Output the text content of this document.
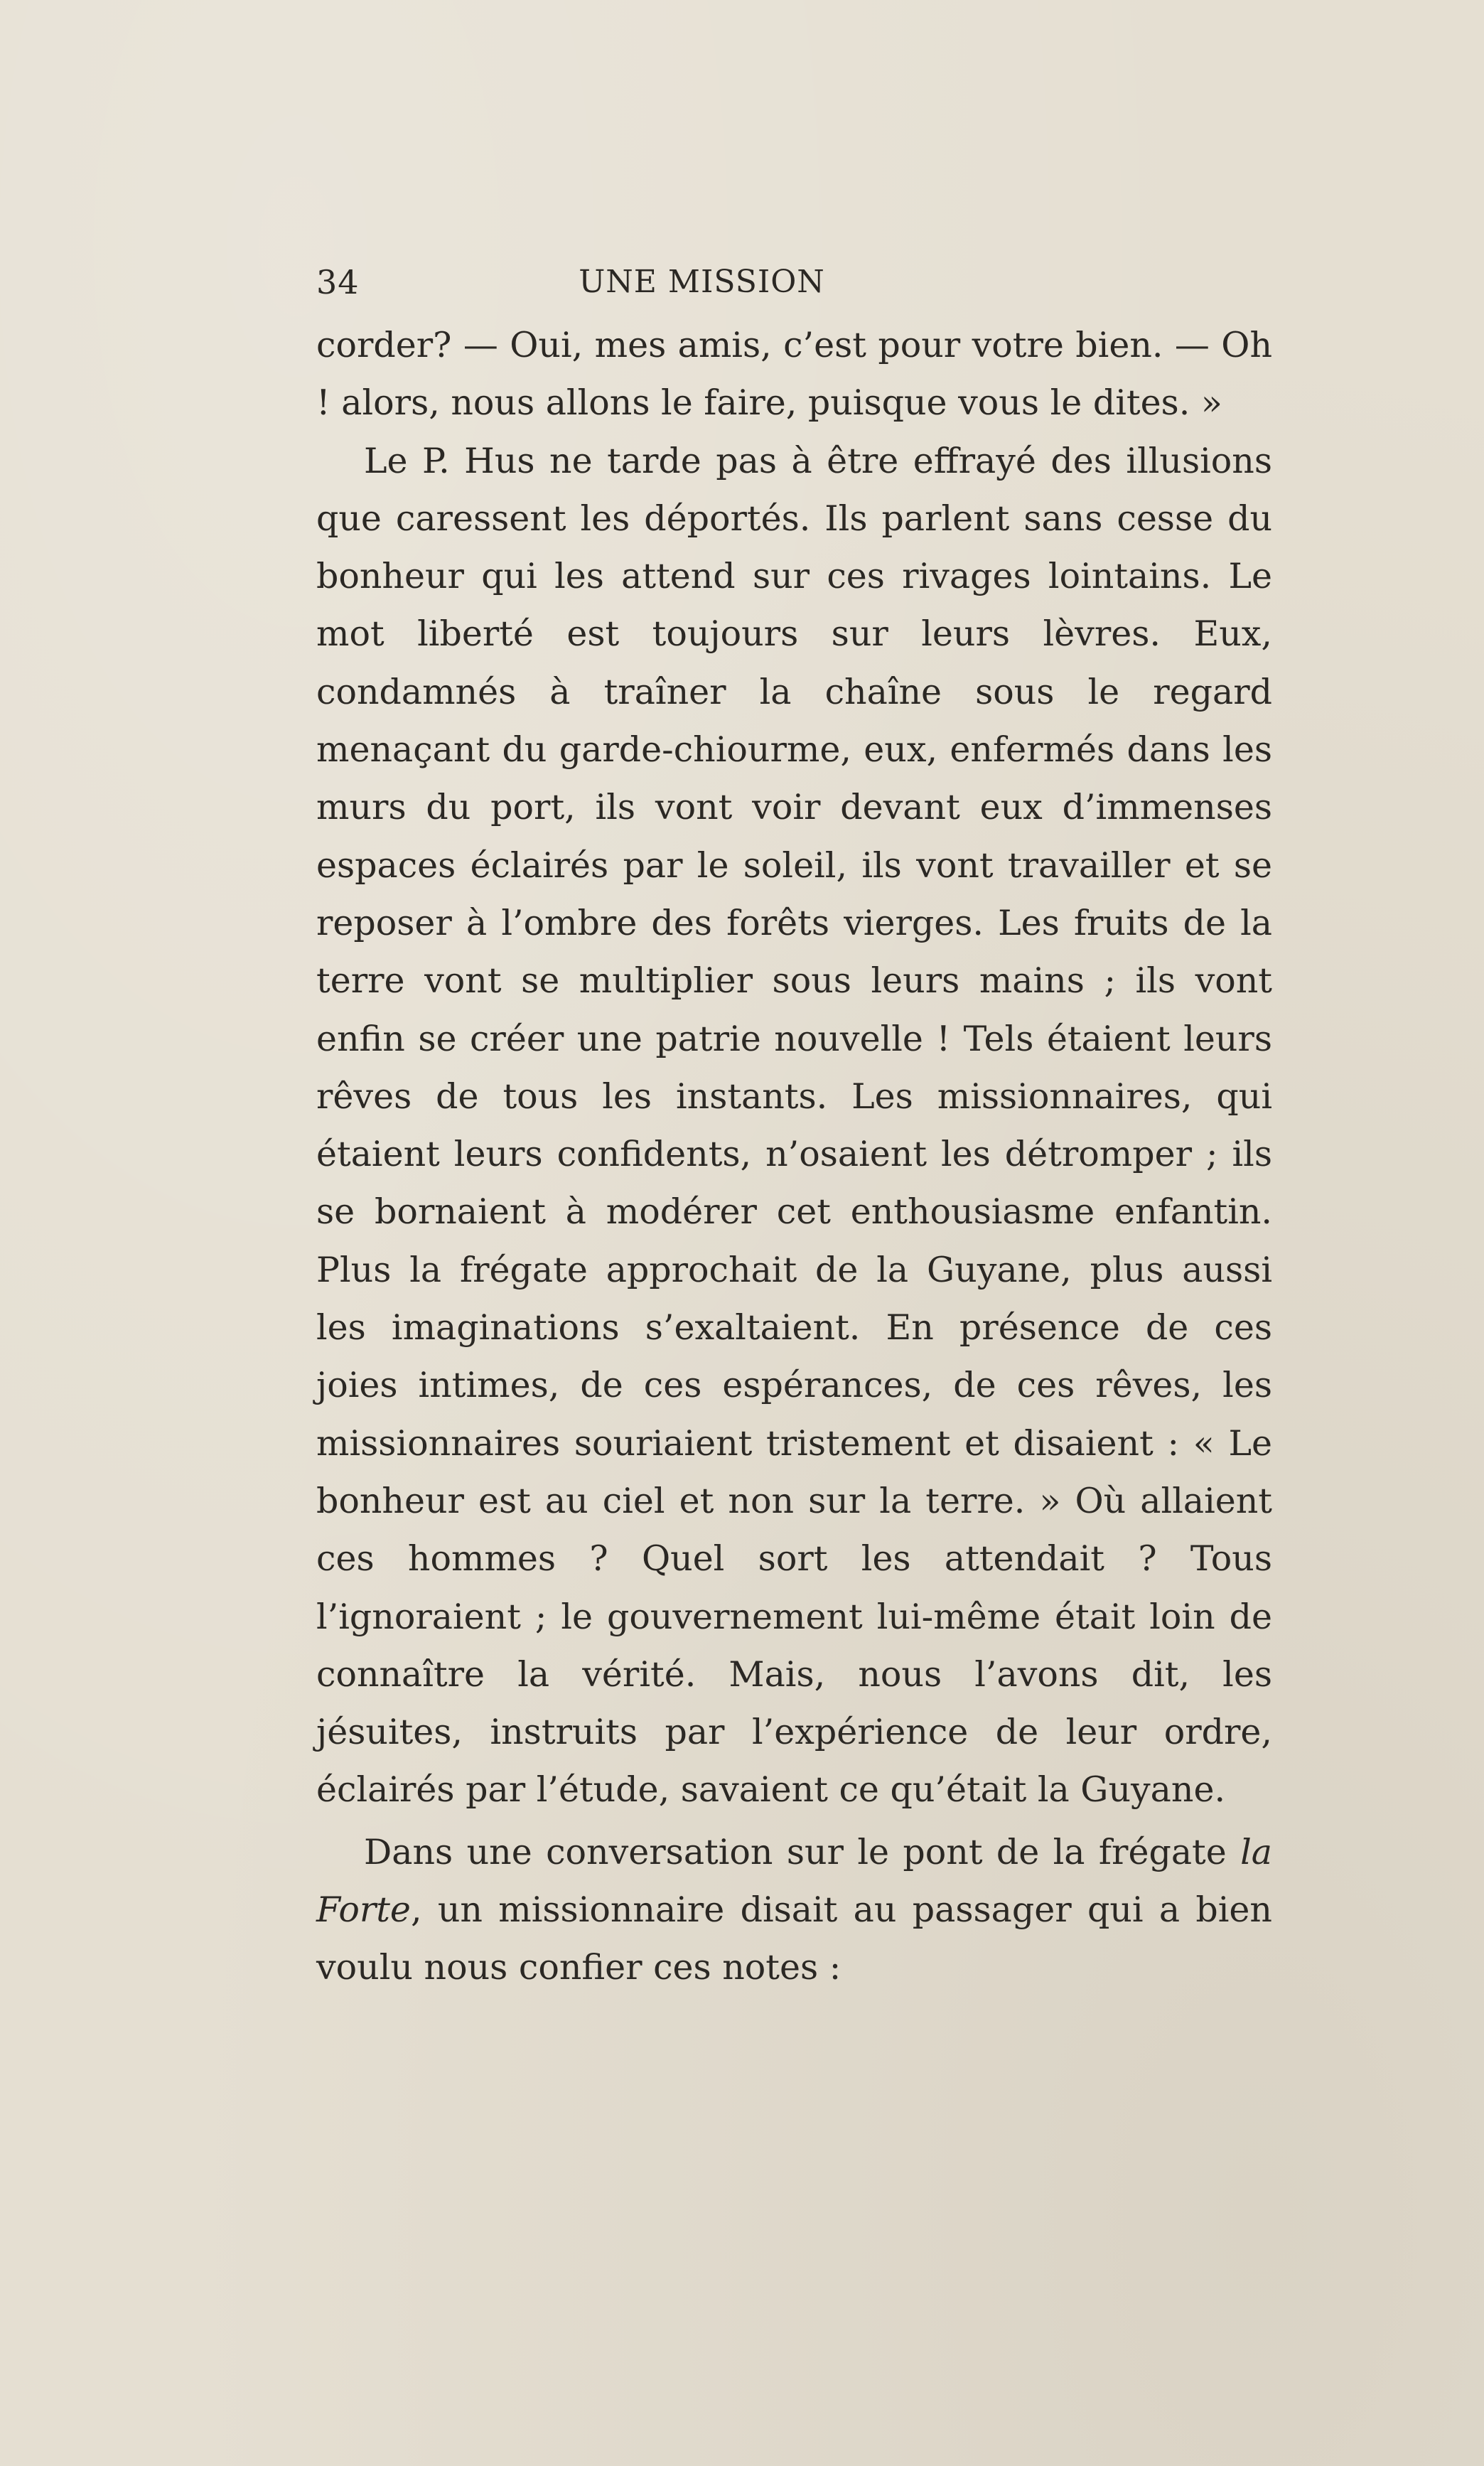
34	UNE MISSION

corder? — Oui, mes amis, c’est pour votre bien. — Oh ! alors, nous allons le faire, puisque vous le dites. »

Le P. Hus ne tarde pas à être effrayé des illusions que caressent les déportés. Ils parlent sans cesse du bonheur qui les attend sur ces rivages lointains. Le mot liberté est toujours sur leurs lèvres. Eux, condamnés à traîner la chaîne sous le regard menaçant du garde-chiourme, eux, enfermés dans les murs du port, ils vont voir devant eux d’immenses espaces éclairés par le soleil, ils vont travailler et se reposer à l’ombre des forêts vierges. Les fruits de la terre vont se multiplier sous leurs mains ; ils vont enfin se créer une patrie nouvelle ! Tels étaient leurs rêves de tous les instants. Les missionnaires, qui étaient leurs confidents, n’osaient les détromper ; ils se bornaient à modérer cet enthousiasme enfantin. Plus la frégate approchait de la Guyane, plus aussi les imaginations s’exaltaient. En présence de ces joies intimes, de ces espérances, de ces rêves, les missionnaires souriaient tristement et disaient : « Le bonheur est au ciel et non sur la terre. » Où allaient ces hommes ? Quel sort les attendait ? Tous l’ignoraient ; le gouvernement lui-même était loin de connaître la vérité. Mais, nous l’avons dit, les jésuites, instruits par l’expérience de leur ordre, éclairés par l’étude, savaient ce qu’était la Guyane.

Dans une conversation sur le pont de la frégate la Forte, un missionnaire disait au passager qui a bien voulu nous confier ces notes :
